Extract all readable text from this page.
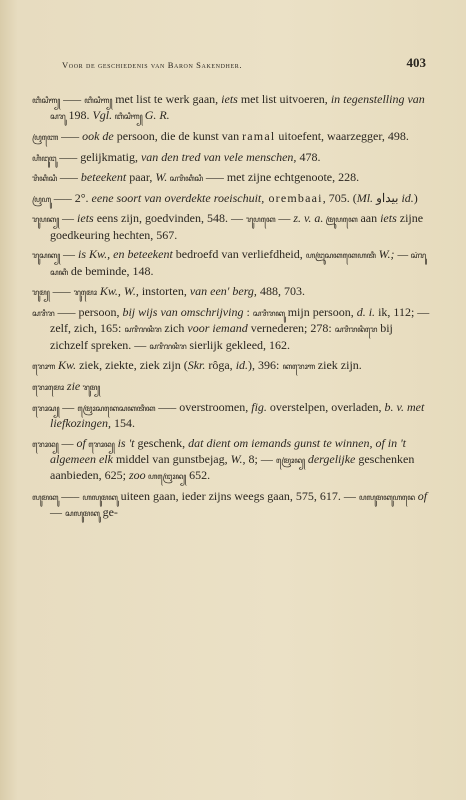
Voor de geschiedenis van Baron Sakendher.	403

ꦧꦶꦱꦶꦒ꧀ —– ꦧꦶꦱꦶꦒ꧀ met list te werk gaan, iets met list uitvoeren, in tegenstelling van ꦱꦫꦸ 198. Vgl. ꦧꦶꦱꦶꦒ꧀ G. R.

ꦥꦿꦚꦺ —– ook de persoon, die de kunst van ramal uitoefent, waarzegger, 498.

ꦲꦶꦔꦸꦔꦸ —– gelijkmatig, van den tred van vele menschen, 478.

ꦫꦶꦏꦶꦱꦶ —– beteekent paar, W. ꦱꦫꦶꦏꦶꦱꦶ —– met zijne echtgenoote, 228.

ꦥꦿꦲꦸ —– 2°. eene soort van overdekte roeischuit, orembaai, 705. (Ml. بيداو id.)

ꦫꦸꦥꦏ꧀ — iets eens zijn, goedvinden, 548. — ꦫꦸꦥꦏꦺ — z. v. a. ꦩꦿꦸꦥꦏꦺ aan iets zijne goedkeuring hechten, 567.

ꦫꦸꦱꦏ꧀ — is Kw., en beteekent bedroefd van verliefdheid, ꦲꦔꦿꦸꦱꦏꦏꦺꦲꦠꦶ W.; — ꦱꦁꦫꦸꦱꦏꦶ de beminde, 148.

ꦫꦸꦩ꧀ —– ꦫꦸꦩꦺꦴ Kw., W., instorten, van een' berg, 488, 703.

ꦱꦫꦶꦫ —– persoon, bij wijs van omschrijving : ꦱꦫꦶꦫꦏꦸ mijn persoon, d. i. ik, 112; — zelf, zich, 165: ꦱꦫꦶꦫꦤꦶꦫ zich voor iemand vernederen; 278: ꦱꦫꦶꦫꦤꦶꦫꦺ bij zichzelf spreken. — ꦱꦫꦶꦫꦤꦶꦫ sierlijk gekleed, 162.

ꦫꦺꦴꦒ Kw. ziek, ziekte, ziek zijn (Skr. rôga, id.), 396: ꦏꦫꦺꦴꦒ ziek zijn.

ꦫꦺꦴꦩꦺꦴ zie ꦫꦸꦩ꧀

ꦫꦺꦴꦱ꧀ — ꦩꦿꦺꦴꦱꦏꦺꦱꦏꦠꦶꦏ —– overstroomen, fig. overstelpen, overladen, b. v. met liefkozingen, 154.

ꦫꦺꦴꦤ꧀ — of ꦫꦺꦴꦤ꧀ is 't geschenk, dat dient om iemands gunst te winnen, of in 't algemeen elk middel van gunstbejag, W., 8; — ꦩꦿꦺꦴꦤ꧀ dergelijke geschenken aanbieden, 625; zoo ꦲꦔꦿꦺꦴꦤ꧀ 652.

ꦭꦸꦩꦏꦸ —– ꦲꦭꦸꦩꦏꦸ uiteen gaan, ieder zijns weegs gaan, 575, 617. — ꦥꦭꦸꦩꦏꦸꦲꦤꦺ of — ꦱꦭꦸꦩꦏꦸ ge-
